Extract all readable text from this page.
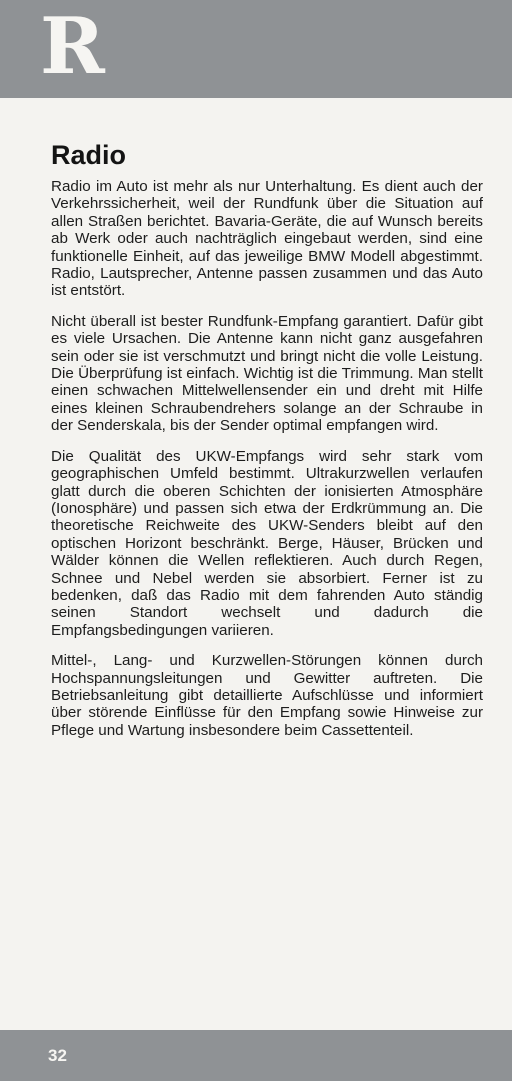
R
Radio

Radio im Auto ist mehr als nur Unterhaltung. Es dient auch der Verkehrssicherheit, weil der Rundfunk über die Situation auf allen Straßen berichtet. Bavaria-Geräte, die auf Wunsch bereits ab Werk oder auch nachträglich eingebaut werden, sind eine funktionelle Einheit, auf das jeweilige BMW Modell abgestimmt. Radio, Lautsprecher, Antenne passen zusammen und das Auto ist entstört.

Nicht überall ist bester Rundfunk-Empfang garantiert. Dafür gibt es viele Ursachen. Die Antenne kann nicht ganz ausgefahren sein oder sie ist verschmutzt und bringt nicht die volle Leistung. Die Überprüfung ist einfach. Wichtig ist die Trimmung. Man stellt einen schwachen Mittelwellensender ein und dreht mit Hilfe eines kleinen Schraubendrehers solange an der Schraube in der Senderskala, bis der Sender optimal empfangen wird.

Die Qualität des UKW-Empfangs wird sehr stark vom geographischen Umfeld bestimmt. Ultrakurzwellen verlaufen glatt durch die oberen Schichten der ionisierten Atmosphäre (Ionosphäre) und passen sich etwa der Erdkrümmung an. Die theoretische Reichweite des UKW-Senders bleibt auf den optischen Horizont beschränkt. Berge, Häuser, Brücken und Wälder können die Wellen reflektieren. Auch durch Regen, Schnee und Nebel werden sie absorbiert. Ferner ist zu bedenken, daß das Radio mit dem fahrenden Auto ständig seinen Standort wechselt und dadurch die Empfangsbedingungen variieren.

Mittel-, Lang- und Kurzwellen-Störungen können durch Hochspannungsleitungen und Gewitter auftreten. Die Betriebsanleitung gibt detaillierte Aufschlüsse und informiert über störende Einflüsse für den Empfang sowie Hinweise zur Pflege und Wartung insbesondere beim Cassettenteil.

32
